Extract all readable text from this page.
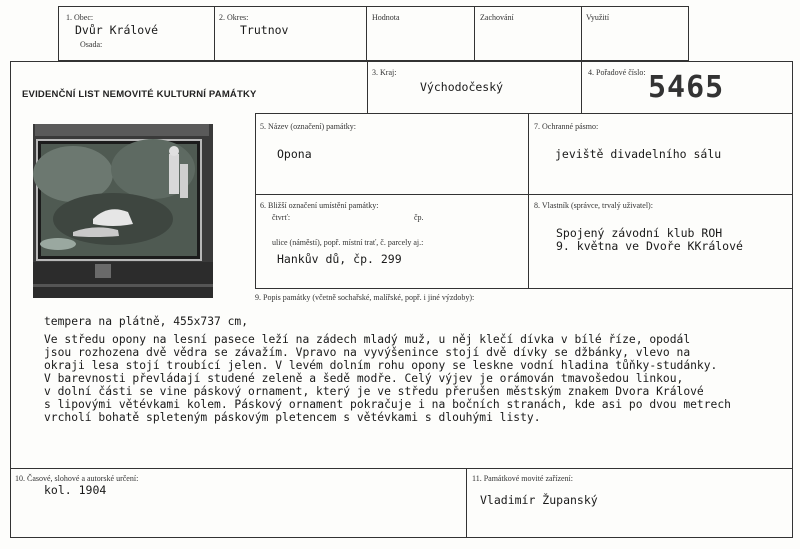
1. Obec:
Dvůr Králové
Osada:
2. Okres:
Trutnov
Hodnota	Zachování	Využití
EVIDENČNÍ LIST NEMOVITÉ KULTURNÍ PAMÁTKY
3. Kraj:
Východočeský
4. Pořadové číslo: 5465
5. Název (označení) památky:
Opona
7. Ochranné pásmo:
jeviště divadelního sálu
6. Bližší označení umístění památky:
čtvrť:	čp.
ulice (náměstí), popř. místní trať, č. parcely aj.:
Hankův dů, čp. 299
8. Vlastník (správce, trvalý uživatel):
Spojený závodní klub ROH
9. května ve Dvoře KKrálové
9. Popis památky (včetně sochařské, malířské, popř. i jiné výzdoby):
tempera na plátně, 455x737 cm,
Ve středu opony na lesní pasece leží na zádech mladý muž, u něj klečí dívka v bílé říze, opodál
jsou rozhozena dvě vědra se závažím. Vpravo na vyvýšenince stojí dvě dívky se džbánky, vlevo na
okraji lesa stojí troubící jelen. V levém dolním rohu opony se leskne vodní hladina tůňky-studánky.
V barevnosti převládají studené zeleně a šedě modře. Celý výjev je orámován tmavošedou linkou,
v dolní části se vine páskový ornament, který je ve středu přerušen městským znakem Dvora Králové
s lipovými větévkami kolem. Páskový ornament pokračuje i na bočních stranách, kde asi po dvou metrech
vrcholí bohatě spleteným páskovým pletencem s větévkami s dlouhými listy.
10. Časové, slohové a autorské určení:
kol. 1904
11. Památkové movité zařízení:
Vladimír Županský
